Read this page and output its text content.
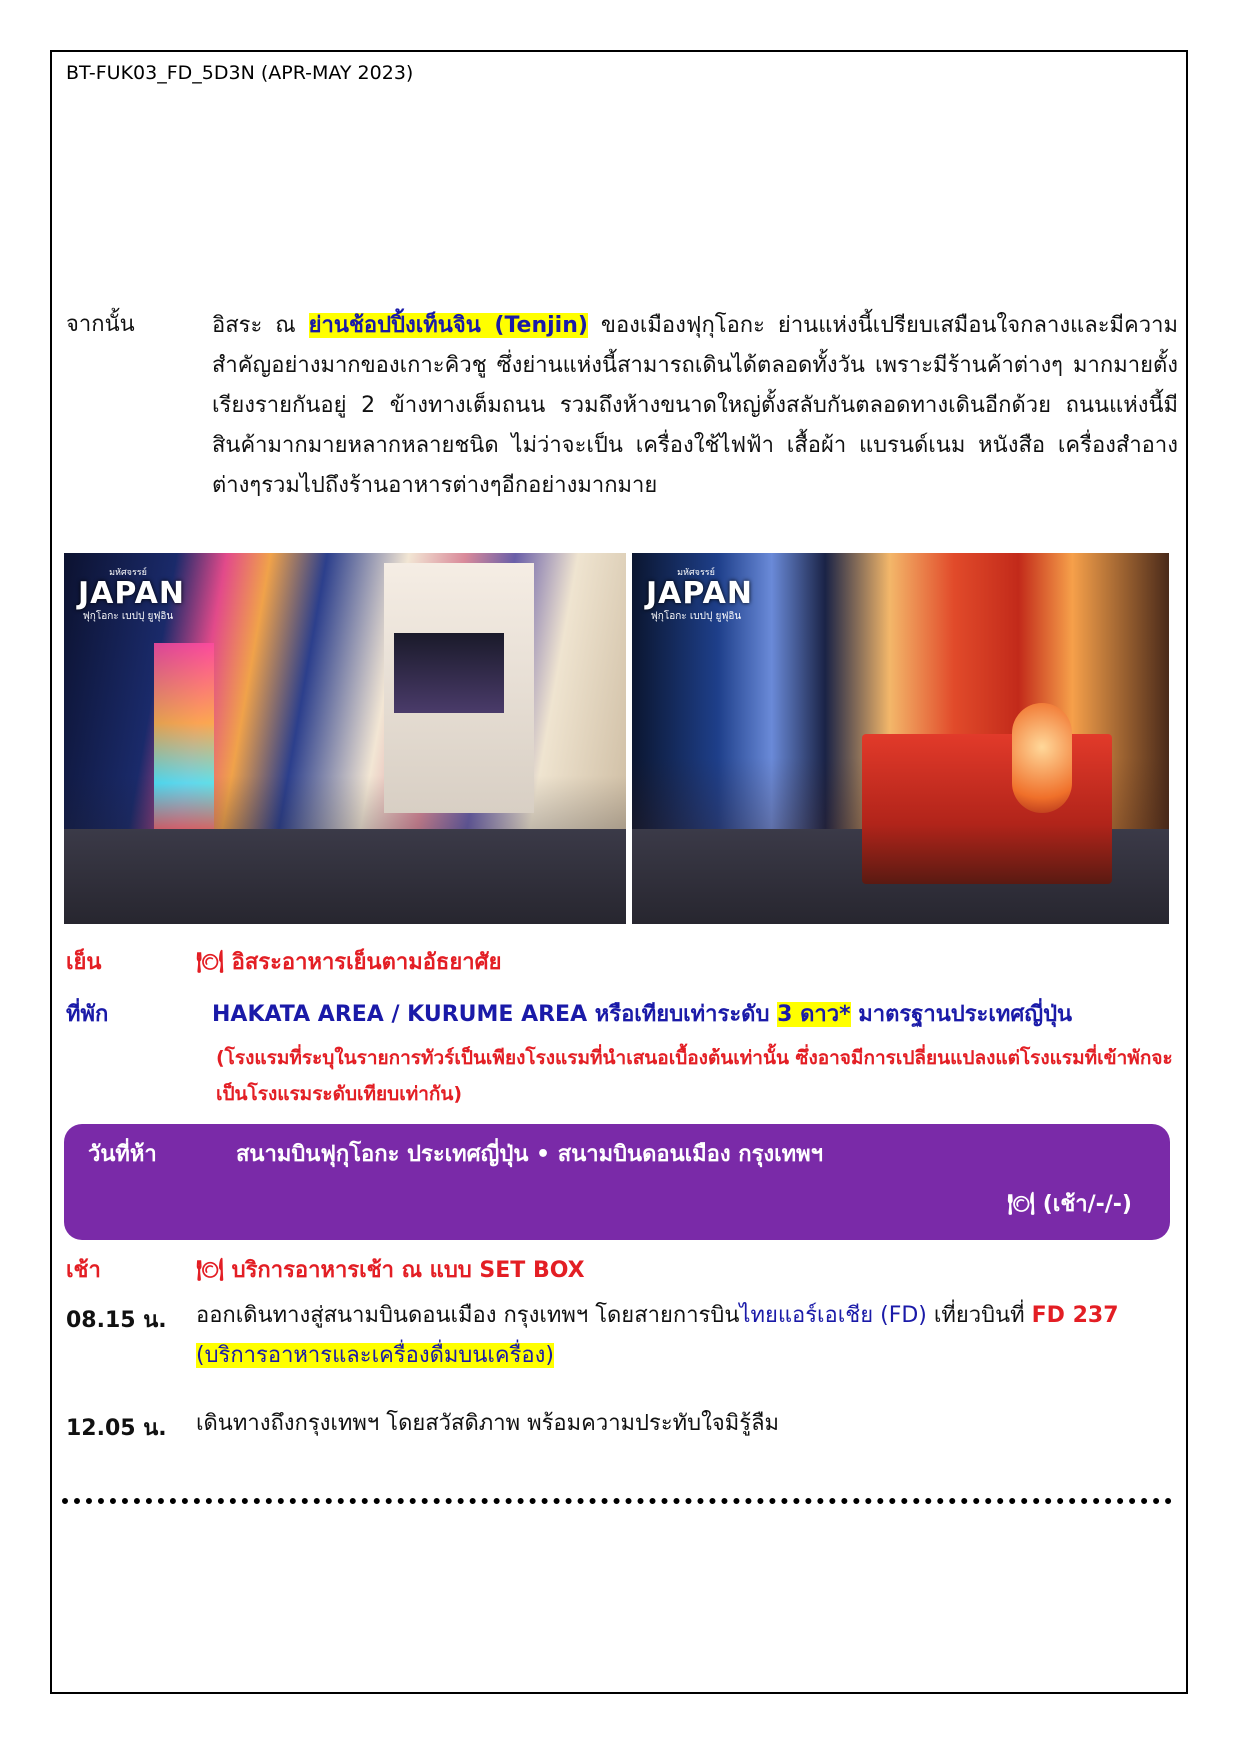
BT-FUK03_FD_5D3N (APR-MAY 2023)
จากนั้น	อิสระ ณ ย่านช้อปปิ้งเท็นจิน (Tenjin) ของเมืองฟุกุโอกะ ย่านแห่งนี้เปรียบเสมือนใจกลางและมีความสำคัญอย่างมากของเกาะคิวชู ซึ่งย่านแห่งนี้สามารถเดินได้ตลอดทั้งวัน เพราะมีร้านค้าต่างๆ มากมายตั้งเรียงรายกันอยู่ 2 ข้างทางเต็มถนน รวมถึงห้างขนาดใหญ่ตั้งสลับกันตลอดทางเดินอีกด้วย ถนนแห่งนี้มีสินค้ามากมายหลากหลายชนิด ไม่ว่าจะเป็น เครื่องใช้ไฟฟ้า เสื้อผ้า แบรนด์เนม หนังสือ เครื่องสำอางต่างๆรวมไปถึงร้านอาหารต่างๆอีกอย่างมากมาย
มหัศจรรย์
JAPAN
ฟุกุโอกะ เบปปุ ยูฟุอิน
มหัศจรรย์
JAPAN
ฟุกุโอกะ เบปปุ ยูฟุอิน
เย็น	🍽 อิสระอาหารเย็นตามอัธยาศัย
ที่พัก	HAKATA AREA / KURUME AREA หรือเทียบเท่าระดับ 3 ดาว* มาตรฐานประเทศญี่ปุ่น
(โรงแรมที่ระบุในรายการทัวร์เป็นเพียงโรงแรมที่นำเสนอเบื้องต้นเท่านั้น ซึ่งอาจมีการเปลี่ยนแปลงแต่โรงแรมที่เข้าพักจะเป็นโรงแรมระดับเทียบเท่ากัน)
วันที่ห้า	สนามบินฟุกุโอกะ ประเทศญี่ปุ่น • สนามบินดอนเมือง กรุงเทพฯ
🍽 (เช้า/-/-)
เช้า	🍽 บริการอาหารเช้า ณ แบบ SET BOX
08.15 น. ออกเดินทางสู่สนามบินดอนเมือง กรุงเทพฯ โดยสายการบินไทยแอร์เอเชีย (FD) เที่ยวบินที่ FD 237
(บริการอาหารและเครื่องดื่มบนเครื่อง)
12.05 น. เดินทางถึงกรุงเทพฯ โดยสวัสดิภาพ พร้อมความประทับใจมิรู้ลืม
